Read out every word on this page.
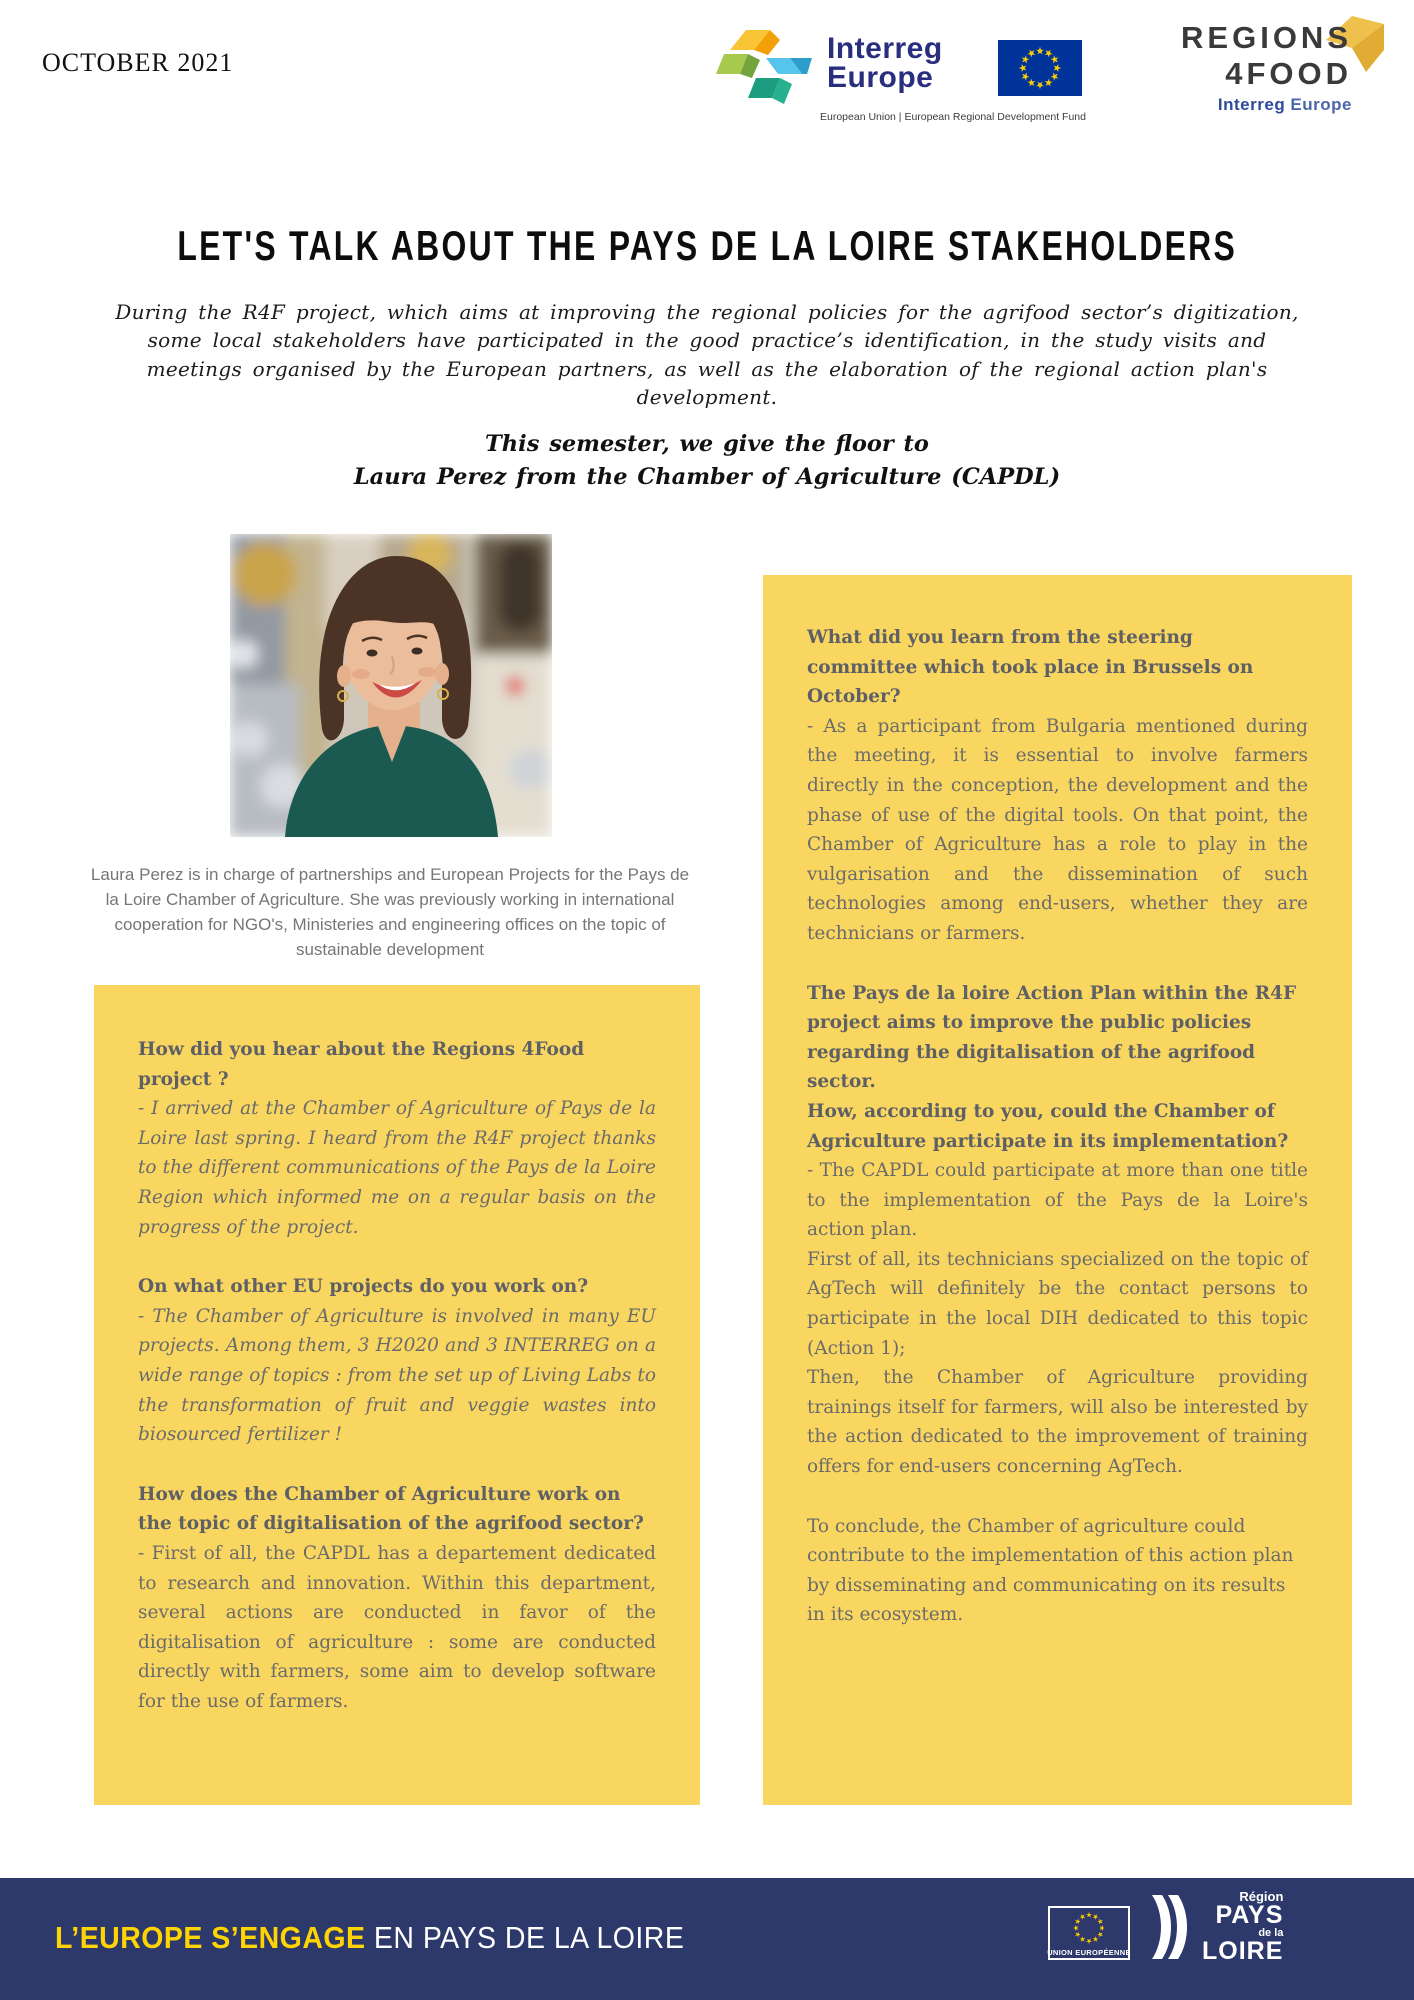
OCTOBER 2021	Interreg
Europe
European Union | European Regional Development Fund
REGIONS
4FOOD
Interreg Europe
LET'S TALK ABOUT THE PAYS DE LA LOIRE STAKEHOLDERS
During the R4F project, which aims at improving the regional policies for the agrifood sector’s digitization, some local stakeholders have participated in the good practice’s identification, in the study visits and meetings organised by the European partners, as well as the elaboration of the regional action plan's development.
This semester, we give the floor to
Laura Perez from the Chamber of Agriculture (CAPDL)
Laura Perez is in charge of partnerships and European Projects for the Pays de la Loire Chamber of Agriculture. She was previously working in international cooperation for NGO's, Ministeries and engineering offices on the topic of sustainable development

How did you hear about the Regions 4Food project ?

- I arrived at the Chamber of Agriculture of Pays de la Loire last spring. I heard from the R4F project thanks to the different communications of the Pays de la Loire Region which informed me on a regular basis on the progress of the project.

On what other EU projects do you work on?

- The Chamber of Agriculture is involved in many EU projects. Among them, 3 H2020 and 3 INTERREG on a wide range of topics : from the set up of Living Labs to the transformation of fruit and veggie wastes into biosourced fertilizer !

How does the Chamber of Agriculture work on the topic of digitalisation of the agrifood sector?

- First of all, the CAPDL has a departement dedicated to research and innovation. Within this department, several actions are conducted in favor of the digitalisation of agriculture : some are conducted directly with farmers, some aim to develop software for the use of farmers.

What did you learn from the steering committee which took place in Brussels on October?

- As a participant from Bulgaria mentioned during the meeting, it is essential to involve farmers directly in the conception, the development and the phase of use of the digital tools. On that point, the Chamber of Agriculture has a role to play in the vulgarisation and the dissemination of such technologies among end-users, whether they are technicians or farmers.

The Pays de la loire Action Plan within the R4F project aims to improve the public policies regarding the digitalisation of the agrifood sector.

How, according to you, could the Chamber of Agriculture participate in its implementation?

- The CAPDL could participate at more than one title to the implementation of the Pays de la Loire's action plan.

First of all, its technicians specialized on the topic of AgTech will definitely be the contact persons to participate in the local DIH dedicated to this topic (Action 1);

Then, the Chamber of Agriculture providing trainings itself for farmers, will also be interested by the action dedicated to the improvement of training offers for end-users concerning AgTech.

To conclude, the Chamber of agriculture could contribute to the implementation of this action plan by disseminating and communicating on its results in its ecosystem.

L’EUROPE S’ENGAGE EN PAYS DE LA LOIRE	UNION EUROPÉENNE
Région
PAYS
de la
LOIRE
